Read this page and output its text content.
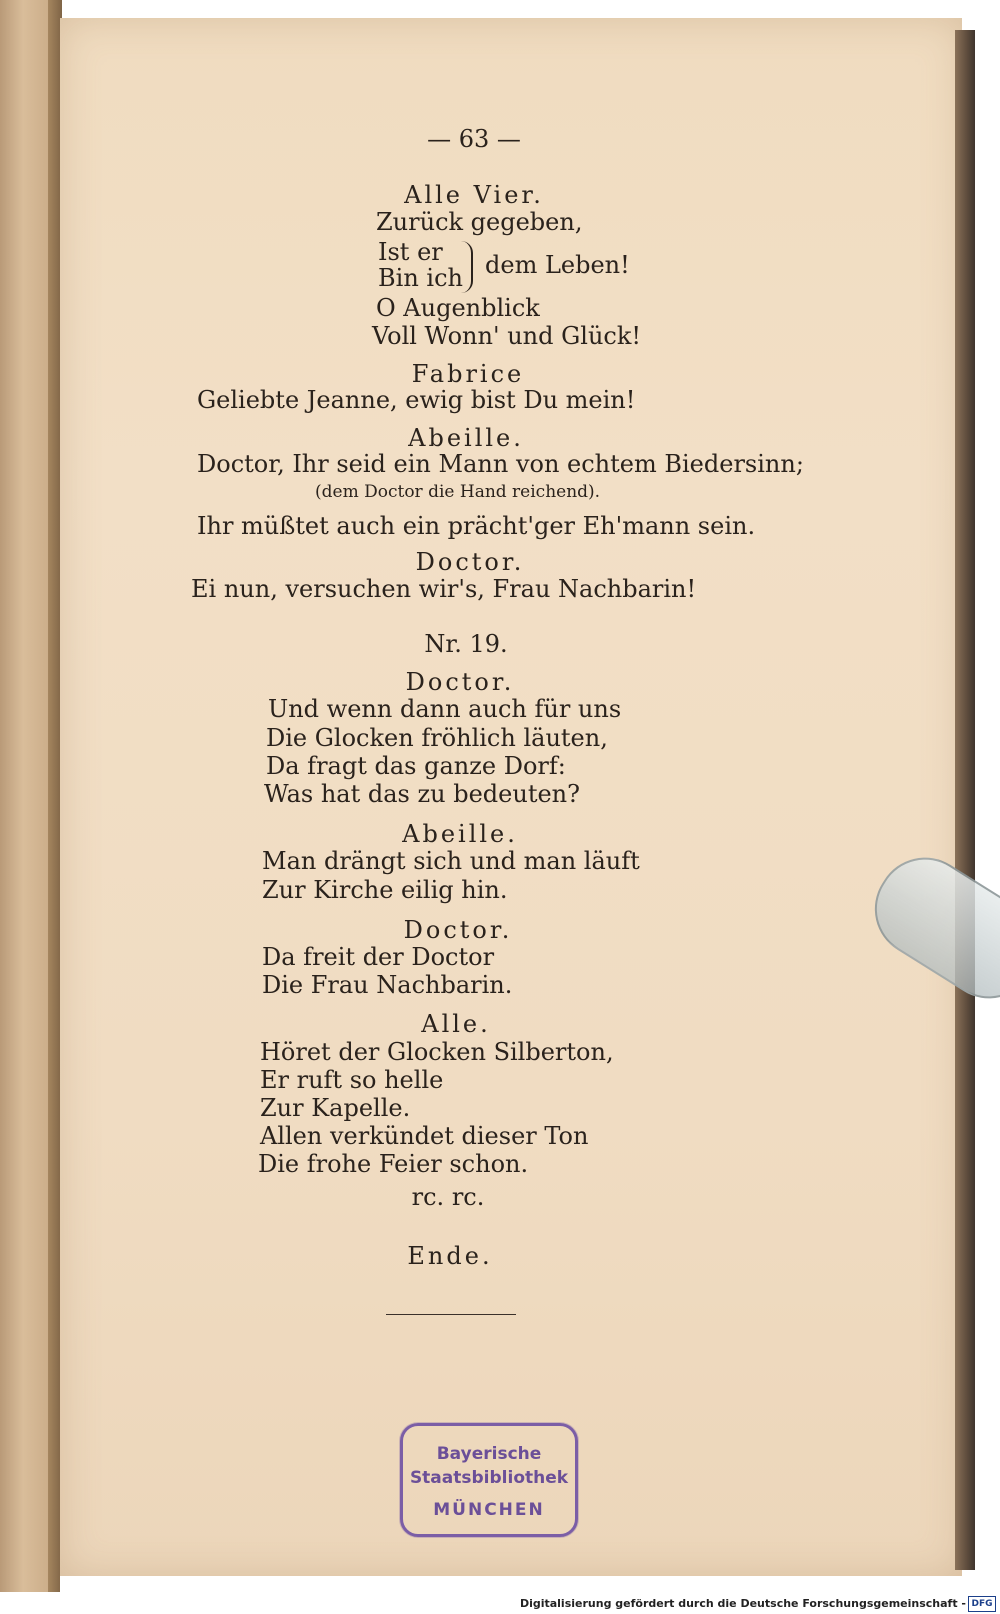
— 63 —
Alle Vier.
Zurück gegeben,
Ist er
Bin ich dem Leben!
O Augenblick
Voll Wonn' und Glück!
Fabrice
Geliebte Jeanne, ewig bist Du mein!
Abeille.
Doctor, Ihr seid ein Mann von echtem Biedersinn;
(dem Doctor die Hand reichend).
Ihr müßtet auch ein prächt'ger Eh'mann sein.
Doctor.
Ei nun, versuchen wir's, Frau Nachbarin!
Nr. 19.
Doctor.
Und wenn dann auch für uns
Die Glocken fröhlich läuten,
Da fragt das ganze Dorf:
Was hat das zu bedeuten?
Abeille.
Man drängt sich und man läuft
Zur Kirche eilig hin.
Doctor.
Da freit der Doctor
Die Frau Nachbarin.
Alle.
Höret der Glocken Silberton,
Er ruft so helle
Zur Kapelle.
Allen verkündet dieser Ton
Die frohe Feier schon.
rc. rc.
Ende.
Bayerische
Staatsbibliothek
MÜNCHEN
Digitalisierung gefördert durch die Deutsche Forschungsgemeinschaft - DFG
